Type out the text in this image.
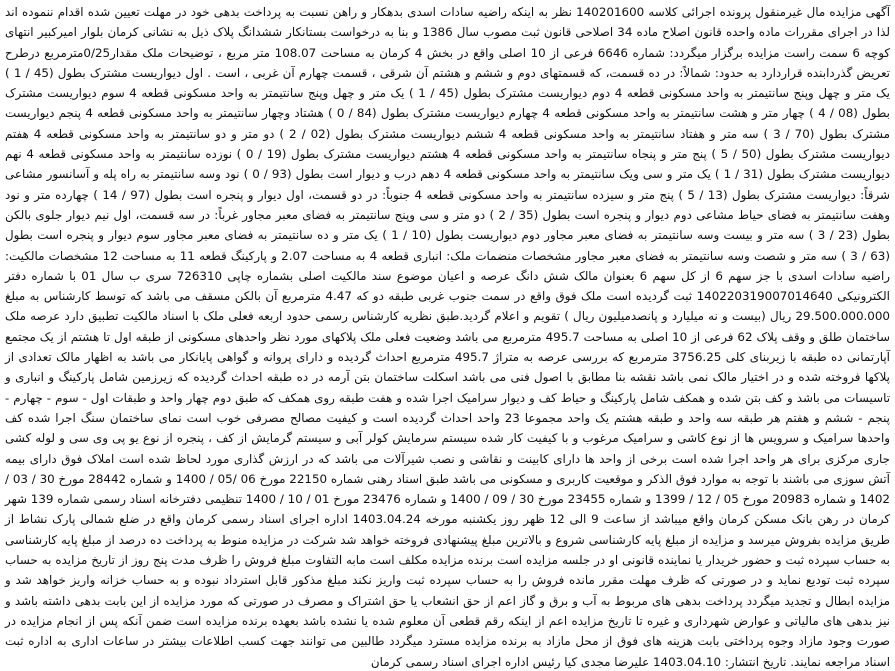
آگهی مزایده مال غیرمنقول پرونده اجرائی کلاسه 140201600 نظر به اینکه راضیه سادات اسدی بدهکار و راهن نسبت به پرداخت بدهی خود در مهلت تعیین شده اقدام ننموده اند لذا در اجرای مقررات ماده واحده قانون اصلاح ماده 34 اصلاحی قانون ثبت مصوب سال 1386 و بنا به درخواست بستانکار ششدانگ پلاک ذیل به نشانی کرمان بلوار امیرکبیر انتهای کوچه 6 سمت راست مزایده برگزار میگردد: شماره 6646 فرعی از 10 اصلی واقع در بخش 4 کرمان به مساحت 108.07 متر مربع ، توضیحات ملک مقدار0/25مترمربع درطرح تعریض گذردابنده قراردارد به حدود: شمالاً: در ده قسمت، که قسمتهای دوم و ششم و هشتم آن شرقی ، قسمت چهارم آن غربی ، است . اول دیواریست مشترک بطول (45 / 1 ) یک متر و چهل وپنج سانتیمتر به واحد مسکونی قطعه 4 دوم دیواریست مشترک بطول (45 / 1 ) یک متر و چهل وپنج سانتیمتر به واحد مسکونی قطعه 4 سوم دیواریست مشترک بطول (08 / 4 ) چهار متر و هشت سانتیمتر به واحد مسکونی قطعه 4 چهارم دیواریست مشترک بطول (84 / 0 ) هشتاد وچهار سانتیمتر به واحد مسکونی قطعه 4 پنجم دیواریست مشترک بطول (70 / 3 ) سه متر و هفتاد سانتیمتر به واحد مسکونی قطعه 4 ششم دیواریست مشترک بطول (02 / 2 ) دو متر و دو سانتیمتر به واحد مسکونی قطعه 4 هفتم دیواریست مشترک بطول (50 / 5 ) پنج متر و پنجاه سانتیمتر به واحد مسکونی قطعه 4 هشتم دیواریست مشترک بطول (19 / 0 ) نوزده سانتیمتر به واحد مسکونی قطعه 4 نهم دیواریست مشترک بطول (31 / 1 ) یک متر و سی ویک سانتیمتر به واحد مسکونی قطعه 4 دهم درب و دیوار است بطول (93 / 0 ) نود وسه سانتیمتر به راه پله و آسانسور مشاعی شرقاً: دیواریست مشترک بطول (13 / 5 ) پنج متر و سیزده سانتیمتر به واحد مسکونی قطعه 4 جنوباً: در دو قسمت، اول دیوار و پنجره است بطول (97 / 14 ) چهارده متر و نود وهفت سانتیمتر به فضای حیاط مشاعی دوم دیوار و پنجره است بطول (35 / 2 ) دو متر و سی وپنج سانتیمتر به فضای معبر مجاور غرباً: در سه قسمت، اول نیم دیوار جلوی بالکن بطول (23 / 3 ) سه متر و بیست وسه سانتیمتر به فضای معبر مجاور دوم دیواریست بطول (10 / 1 ) یک متر و ده سانتیمتر به فضای معبر مجاور سوم دیوار و پنجره است بطول (63 / 3 ) سه متر و شصت وسه سانتیمتر به فضای معبر مجاور مشخصات منضمات ملک: انباری قطعه 4 به مساحت 2.07 و پارکینگ قطعه 11 به مساحت 12 مشخصات مالکیت: راضیه سادات اسدی با جز سهم 6 از کل سهم 6 بعنوان مالک شش دانگ عرصه و اعیان موضوع سند مالکیت اصلی بشماره چاپی 726310 سری ب سال 01 با شماره دفتر الکترونیکی 140220319007014640 ثبت گردیده است ملک فوق واقع در سمت جنوب غربی طبقه دو که 4.47 مترمربع آن بالکن مسقف می باشد که توسط کارشناس به مبلغ 29.500.000.000 ریال (بیست و نه میلیارد و پانصدمیلیون ریال ) تقویم و اعلام گردید.طبق نظریه کارشناس رسمی حدود اربعه فعلی ملک با اسناد مالکیت تطبیق دارد عرصه ملک ساختمان طلق و وقف پلاک 62 فرعی از 10 اصلی به مساحت 495.7 مترمربع می باشد وضعیت فعلی ملک پلاکهای مورد نظر واحدهای مسکونی از طبقه اول تا هشتم از یک مجتمع آپارتمانی ده طبقه با زیربنای کلی 3756.25 مترمربع که بررسی عرصه به متراژ 495.7 مترمربع احداث گردیده و دارای پروانه و گواهی پایانکار می باشد به اظهار مالک تعدادی از پلاکها فروخته شده و در اختیار مالک نمی باشد نقشه بنا مطابق با اصول فنی می باشد اسکلت ساختمان بتن آرمه در ده طبقه احداث گردیده که زیرزمین شامل پارکینگ و انباری و تاسیسات می باشد و کف بتن شده و همکف شامل پارکینگ و حیاط کف و دیوار سرامیک اجرا شده و هفت طبقه روی همکف که طبق دوم چهار واحد و طبقات اول - سوم - چهارم - پنجم - ششم و هفتم هر طبقه سه واحد و طبقه هشتم یک واحد مجموعا 23 واحد احداث گردیده است و کیفیت مصالح مصرفی خوب است نمای ساختمان سنگ اجرا شده کف واحدها سرامیک و سرویس ها از نوع کاشی و سرامیک مرغوب و با کیفیت کار شده سیستم سرمایش کولر آبی و سیستم گرمایش از کف ، پنجره از نوع یو پی وی سی و لوله کشی جاری مرکزی برای هر واحد اجرا شده است برخی از واحد ها دارای کابینت و نقاشی و نصب شیرآلات می باشد که در ارزش گذاری مورد لحاظ شده است املاک فوق دارای بیمه آتش سوزی می باشند با توجه به موارد فوق الذکر و موقعیت کاربری و مسکونی می باشد طبق اسناد رهنی شماره 22150 مورخ 06 /05 / 1400 و شماره 28442 مورخ 30 / 03 / 1402 و شماره 20983 مورخ 05 / 12 / 1399 و شماره 23455 مورخ 30 / 09 / 1400 و شماره 23476 مورخ 01 / 10 / 1400 تنظیمی دفترخانه اسناد رسمی شماره 139 شهر کرمان در رهن بانک مسکن کرمان واقع میباشد از ساعت 9 الی 12 ظهر روز یکشنبه مورخه 1403.04.24 اداره اجرای اسناد رسمی کرمان واقع در ضلع شمالی پارک نشاط از طریق مزایده بفروش میرسد و مزایده از مبلغ پایه کارشناسی شروع و بالاترین مبلغ پیشنهادی فروخته خواهد شد شرکت در مزایده منوط به پرداخت ده درصد از مبلغ پایه کارشناسی به حساب سپرده ثبت و حضور خریدار یا نماینده قانونی او در جلسه مزایده است برنده مزایده مکلف است مابه التفاوت مبلغ فروش را ظرف مدت پنج روز از تاریخ مزایده به حساب سپرده ثبت تودیع نماید و در صورتی که ظرف مهلت مقرر مانده فروش را به حساب سپرده ثبت واریز نکند مبلغ مذکور قابل استرداد نبوده و به حساب خزانه واریز خواهد شد و مزایده ابطال و تجدید میگردد پرداخت بدهی های مربوط به آب و برق و گاز اعم از حق انشعاب یا حق اشتراک و مصرف در صورتی که مورد مزایده از این بابت بدهی داشته باشد و نیز بدهی های مالیاتی و عوارض شهرداری و غیره تا تاریخ مزایده اعم از اینکه رقم قطعی آن معلوم شده یا نشده باشد بعهده برنده مزایده است ضمن آنکه پس از انجام مزایده در صورت وجود مازاد وجوه پرداختی بابت هزینه های فوق از محل مازاد به برنده مزایده مسترد میگردد طالبین می توانند جهت کسب اطلاعات بیشتر در ساعات اداری به اداره ثبت اسناد مراجعه نمایند. تاریخ انتشار: 1403.04.10 علیرضا مجدی کیا رئیس اداره اجرای اسناد رسمی کرمان
